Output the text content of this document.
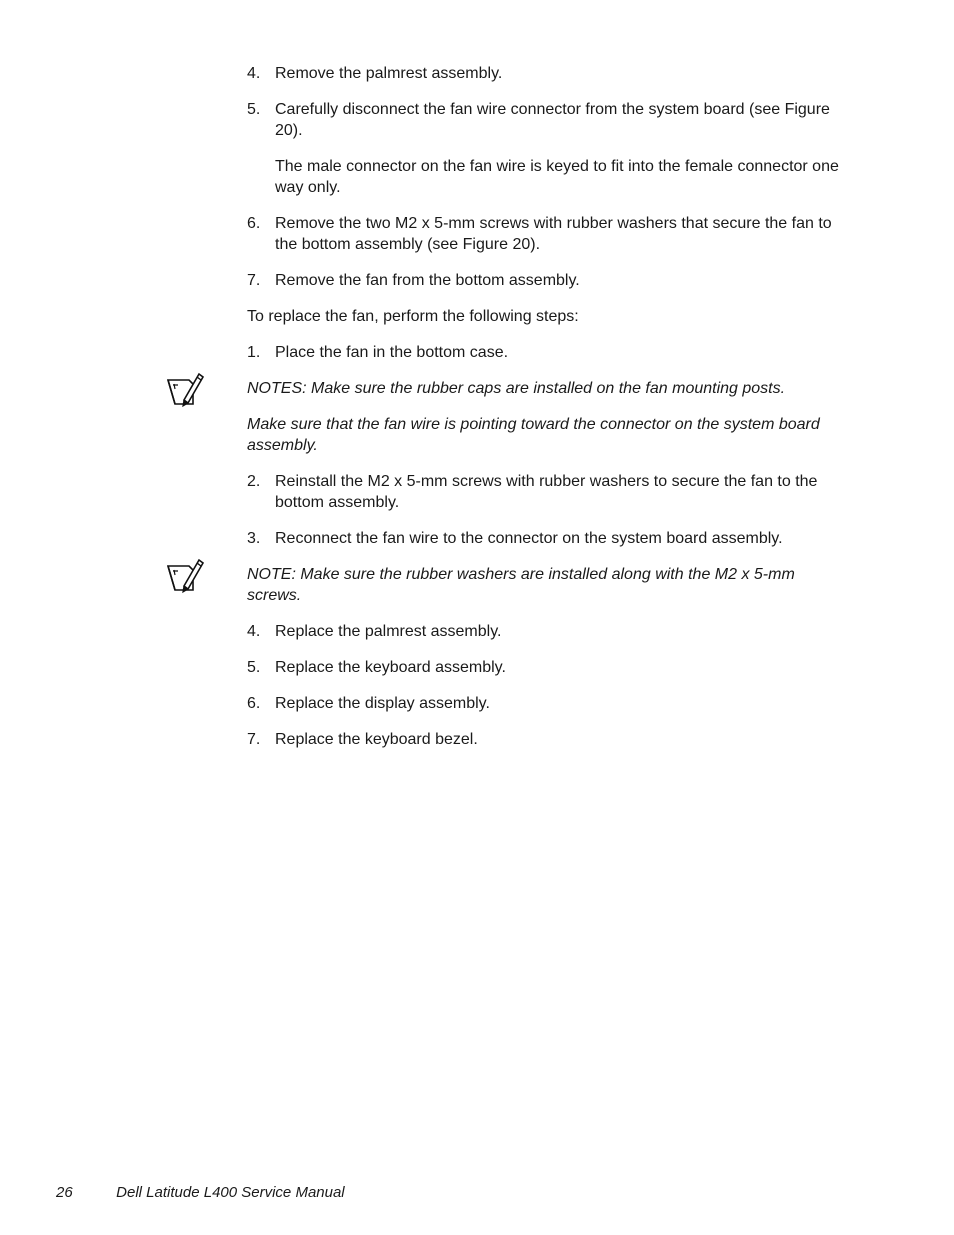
4. Remove the palmrest assembly.
5. Carefully disconnect the fan wire connector from the system board (see Figure 20).
The male connector on the fan wire is keyed to fit into the female connector one way only.
6. Remove the two M2 x 5-mm screws with rubber washers that secure the fan to the bottom assembly (see Figure 20).
7. Remove the fan from the bottom assembly.
To replace the fan, perform the following steps:
1. Place the fan in the bottom case.
NOTES: Make sure the rubber caps are installed on the fan mounting posts.
Make sure that the fan wire is pointing toward the connector on the system board assembly.
2. Reinstall the M2 x 5-mm screws with rubber washers to secure the fan to the bottom assembly.
3. Reconnect the fan wire to the connector on the system board assembly.
NOTE: Make sure the rubber washers are installed along with the M2 x 5-mm screws.
4. Replace the palmrest assembly.
5. Replace the keyboard assembly.
6. Replace the display assembly.
7. Replace the keyboard bezel.
26	Dell Latitude L400 Service Manual
